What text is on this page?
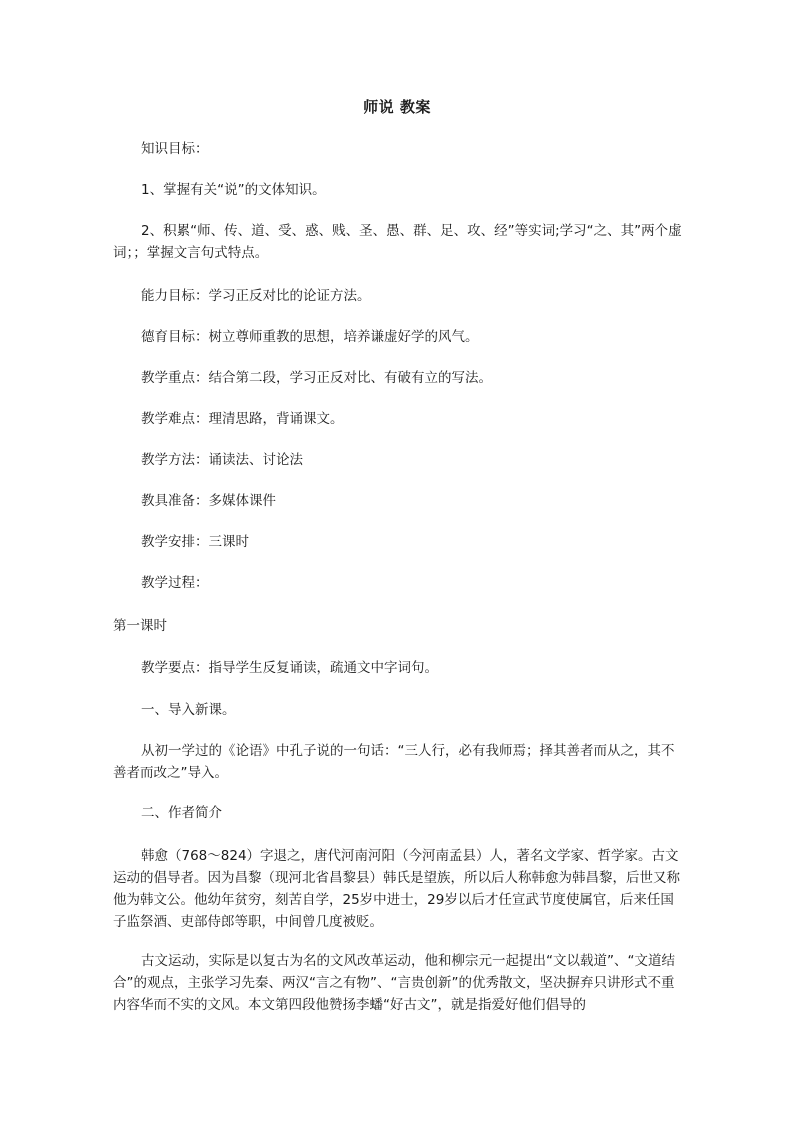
师说 教案

知识目标：

1、掌握有关“说”的文体知识。

2、积累“师、传、道、受、惑、贱、圣、愚、群、足、攻、经”等实词;学习“之、其”两个虚词；；掌握文言句式特点。

能力目标：学习正反对比的论证方法。

德育目标：树立尊师重教的思想，培养谦虚好学的风气。

教学重点：结合第二段，学习正反对比、有破有立的写法。

教学难点：理清思路，背诵课文。

教学方法：诵读法、讨论法

教具准备：多媒体课件

教学安排：三课时

教学过程：

第一课时

教学要点：指导学生反复诵读，疏通文中字词句。

一、导入新课。

从初一学过的《论语》中孔子说的一句话：“三人行，必有我师焉；择其善者而从之，其不善者而改之”导入。

二、作者简介

韩愈（768～824）字退之，唐代河南河阳（今河南孟县）人，著名文学家、哲学家。古文运动的倡导者。因为昌黎（现河北省昌黎县）韩氏是望族，所以后人称韩愈为韩昌黎，后世又称他为韩文公。他幼年贫穷，刻苦自学，25岁中进士，29岁以后才任宣武节度使属官，后来任国子监祭酒、吏部侍郎等职，中间曾几度被贬。

古文运动，实际是以复古为名的文风改革运动，他和柳宗元一起提出“文以载道”、“文道结合”的观点，主张学习先秦、两汉“言之有物”、“言贵创新”的优秀散文，坚决摒弃只讲形式不重内容华而不实的文风。本文第四段他赞扬李蟠“好古文”，就是指爱好他们倡导的
